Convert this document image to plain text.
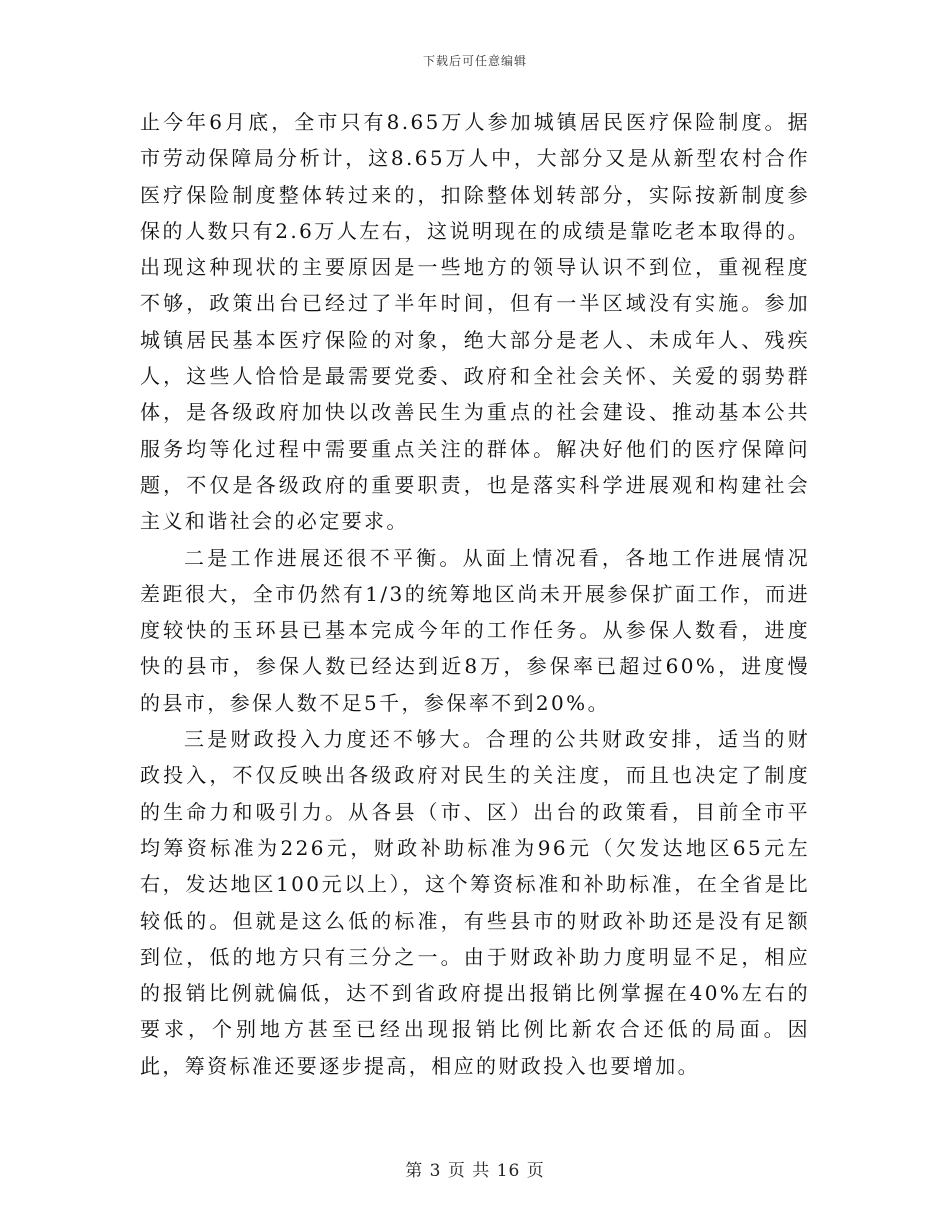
下载后可任意编辑

止今年6月底，全市只有8.65万人参加城镇居民医疗保险制度。据市劳动保障局分析计，这8.65万人中，大部分又是从新型农村合作医疗保险制度整体转过来的，扣除整体划转部分，实际按新制度参保的人数只有2.6万人左右，这说明现在的成绩是靠吃老本取得的。出现这种现状的主要原因是一些地方的领导认识不到位，重视程度不够，政策出台已经过了半年时间，但有一半区域没有实施。参加城镇居民基本医疗保险的对象，绝大部分是老人、未成年人、残疾人，这些人恰恰是最需要党委、政府和全社会关怀、关爱的弱势群体，是各级政府加快以改善民生为重点的社会建设、推动基本公共服务均等化过程中需要重点关注的群体。解决好他们的医疗保障问题，不仅是各级政府的重要职责，也是落实科学进展观和构建社会主义和谐社会的必定要求。

二是工作进展还很不平衡。从面上情况看，各地工作进展情况差距很大，全市仍然有1/3的统筹地区尚未开展参保扩面工作，而进度较快的玉环县已基本完成今年的工作任务。从参保人数看，进度快的县市，参保人数已经达到近8万，参保率已超过60%，进度慢的县市，参保人数不足5千，参保率不到20%。

三是财政投入力度还不够大。合理的公共财政安排，适当的财政投入，不仅反映出各级政府对民生的关注度，而且也决定了制度的生命力和吸引力。从各县（市、区）出台的政策看，目前全市平均筹资标准为226元，财政补助标准为96元（欠发达地区65元左右，发达地区100元以上），这个筹资标准和补助标准，在全省是比较低的。但就是这么低的标准，有些县市的财政补助还是没有足额到位，低的地方只有三分之一。由于财政补助力度明显不足，相应的报销比例就偏低，达不到省政府提出报销比例掌握在40%左右的要求，个别地方甚至已经出现报销比例比新农合还低的局面。因此，筹资标准还要逐步提高，相应的财政投入也要增加。

第 3 页 共 16 页
